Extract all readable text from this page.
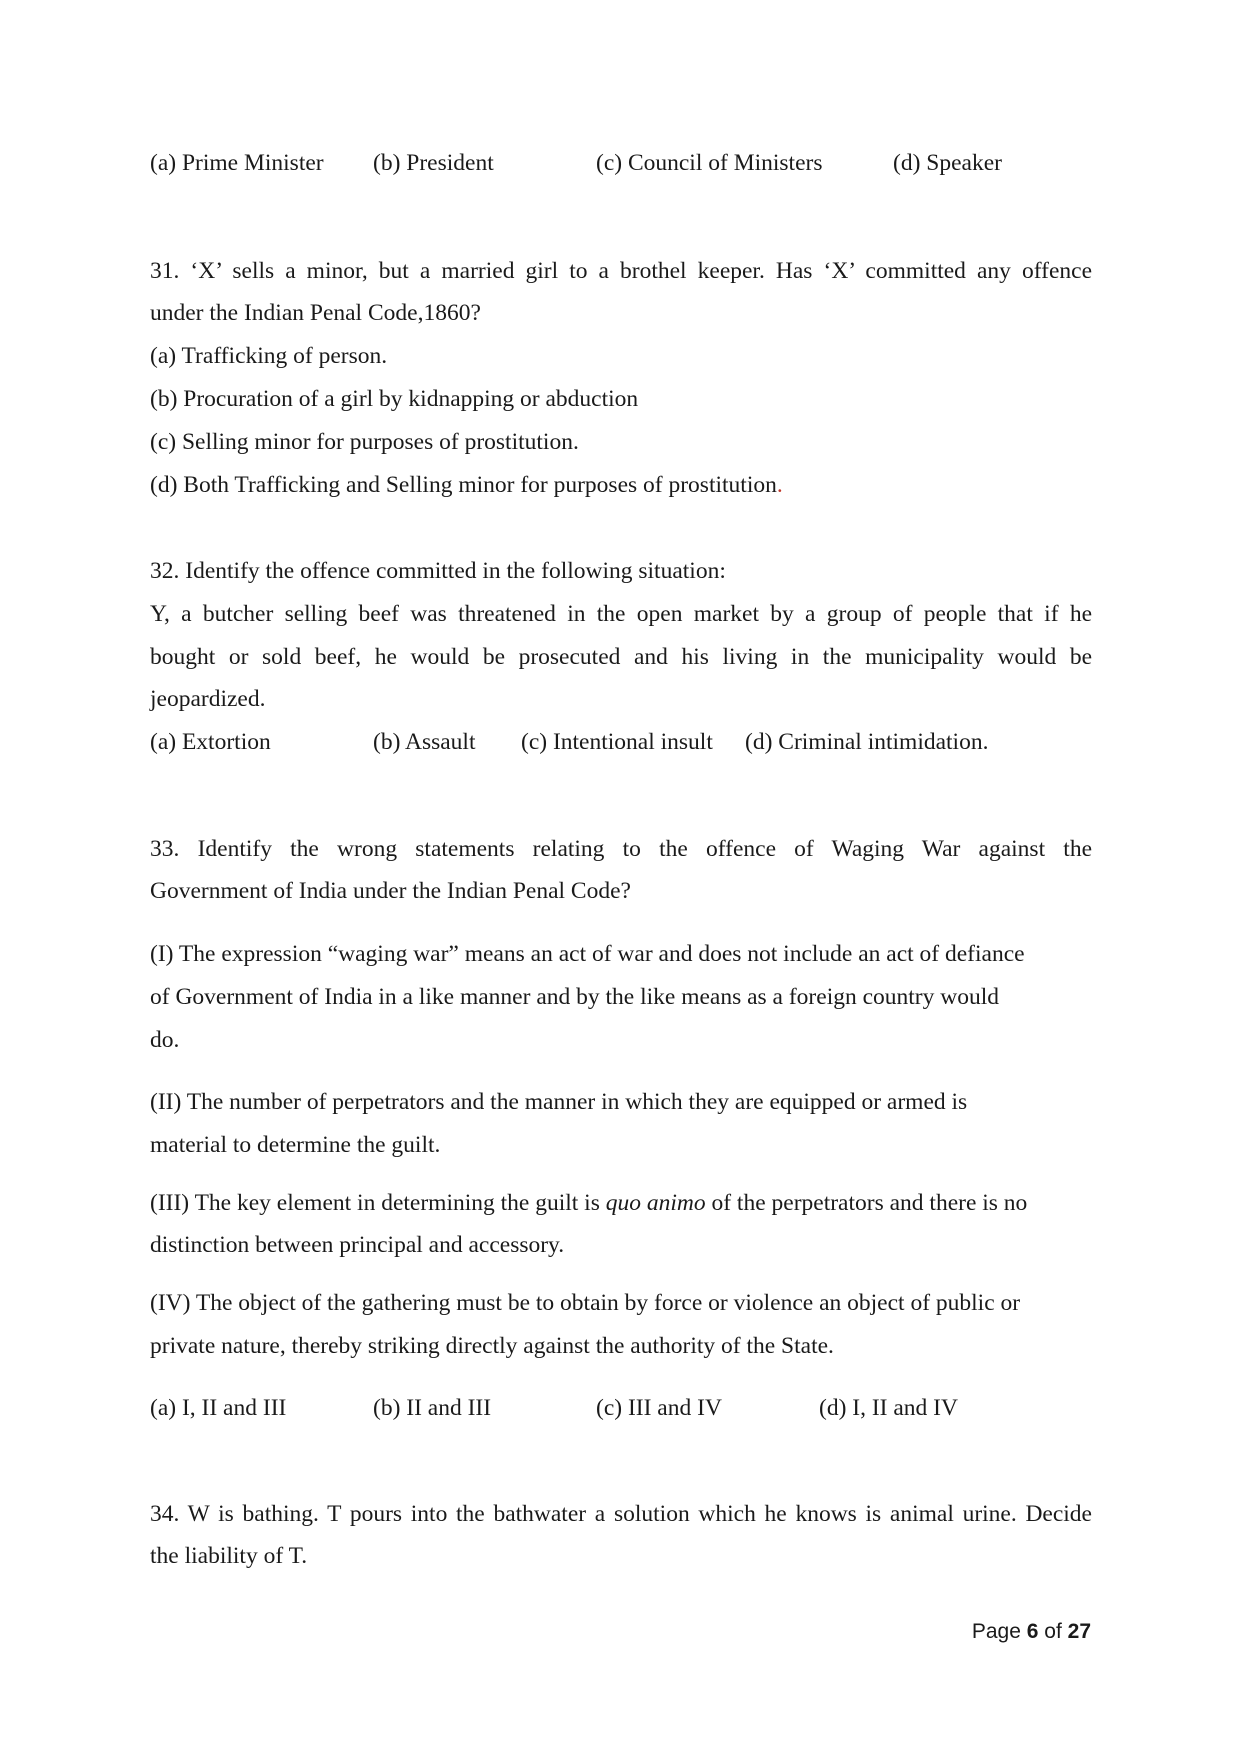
(a) Prime Minister (b) President	(c) Council of Ministers	(d) Speaker
31. ‘X’ sells a minor, but a married girl to a brothel keeper. Has ‘X’ committed any offence
under the Indian Penal Code,1860?
(a) Trafficking of person.
(b) Procuration of a girl by kidnapping or abduction
(c) Selling minor for purposes of prostitution.
(d) Both Trafficking and Selling minor for purposes of prostitution.
32. Identify the offence committed in the following situation:
Y, a butcher selling beef was threatened in the open market by a group of people that if he
bought or sold beef, he would be prosecuted and his living in the municipality would be
jeopardized.
(a) Extortion	(b) Assault (c) Intentional insult (d) Criminal intimidation.
33. Identify the wrong statements relating to the offence of Waging War against the
Government of India under the Indian Penal Code?
(I) The expression “waging war” means an act of war and does not include an act of defiance
of Government of India in a like manner and by the like means as a foreign country would
do.
(II) The number of perpetrators and the manner in which they are equipped or armed is
material to determine the guilt.
(III) The key element in determining the guilt is quo animo of the perpetrators and there is no
distinction between principal and accessory.
(IV) The object of the gathering must be to obtain by force or violence an object of public or
private nature, thereby striking directly against the authority of the State.
(a) I, II and III	(b) II and III	(c) III and IV	(d) I, II and IV
34. W is bathing. T pours into the bathwater a solution which he knows is animal urine. Decide
the liability of T.
Page 6 of 27
